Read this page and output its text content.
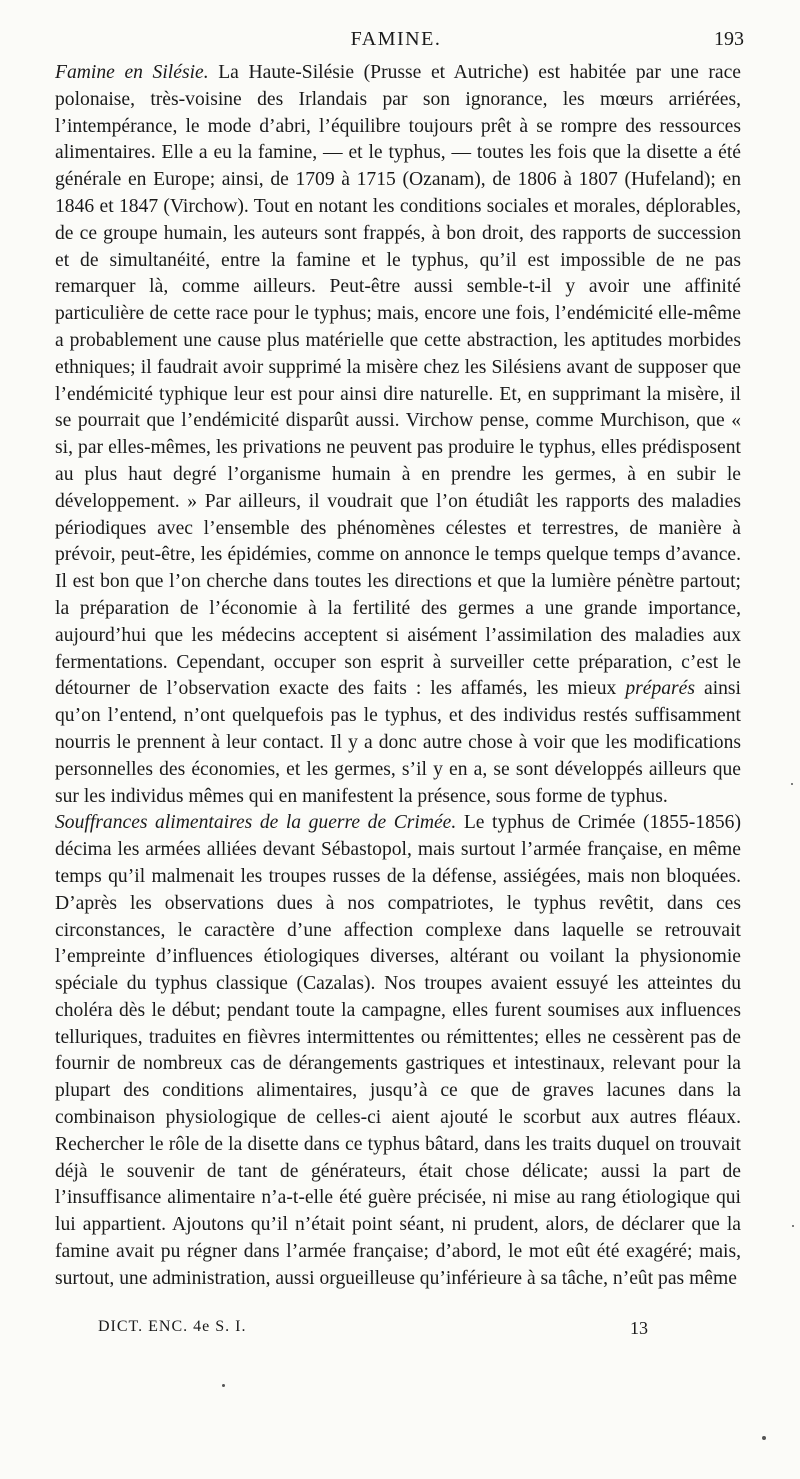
FAMINE.	193

Famine en Silésie. La Haute-Silésie (Prusse et Autriche) est habitée par une race polonaise, très-voisine des Irlandais par son ignorance, les mœurs arriérées, l’intempérance, le mode d’abri, l’équilibre toujours prêt à se rompre des ressources alimentaires. Elle a eu la famine, — et le typhus, — toutes les fois que la disette a été générale en Europe; ainsi, de 1709 à 1715 (Ozanam), de 1806 à 1807 (Hufeland); en 1846 et 1847 (Virchow). Tout en notant les conditions sociales et morales, déplorables, de ce groupe humain, les auteurs sont frappés, à bon droit, des rapports de succession et de simultanéité, entre la famine et le typhus, qu’il est impossible de ne pas remarquer là, comme ailleurs. Peut-être aussi semble-t-il y avoir une affinité particulière de cette race pour le typhus; mais, encore une fois, l’endémicité elle-même a probablement une cause plus matérielle que cette abstraction, les aptitudes morbides ethniques; il faudrait avoir supprimé la misère chez les Silésiens avant de supposer que l’endémicité typhique leur est pour ainsi dire naturelle. Et, en supprimant la misère, il se pourrait que l’endémicité disparût aussi. Virchow pense, comme Murchison, que « si, par elles-mêmes, les privations ne peuvent pas produire le typhus, elles prédisposent au plus haut degré l’organisme humain à en prendre les germes, à en subir le développement. » Par ailleurs, il voudrait que l’on étudiât les rapports des maladies périodiques avec l’ensemble des phénomènes célestes et terrestres, de manière à prévoir, peut-être, les épidémies, comme on annonce le temps quelque temps d’avance. Il est bon que l’on cherche dans toutes les directions et que la lumière pénètre partout; la préparation de l’économie à la fertilité des germes a une grande importance, aujourd’hui que les médecins acceptent si aisément l’assimilation des maladies aux fermentations. Cependant, occuper son esprit à surveiller cette préparation, c’est le détourner de l’observation exacte des faits : les affamés, les mieux préparés ainsi qu’on l’entend, n’ont quelquefois pas le typhus, et des individus restés suffisamment nourris le prennent à leur contact. Il y a donc autre chose à voir que les modifications personnelles des économies, et les germes, s’il y en a, se sont développés ailleurs que sur les individus mêmes qui en manifestent la présence, sous forme de typhus.

Souffrances alimentaires de la guerre de Crimée. Le typhus de Crimée (1855-1856) décima les armées alliées devant Sébastopol, mais surtout l’armée française, en même temps qu’il malmenait les troupes russes de la défense, assiégées, mais non bloquées. D’après les observations dues à nos compatriotes, le typhus revêtit, dans ces circonstances, le caractère d’une affection complexe dans laquelle se retrouvait l’empreinte d’influences étiologiques diverses, altérant ou voilant la physionomie spéciale du typhus classique (Cazalas). Nos troupes avaient essuyé les atteintes du choléra dès le début; pendant toute la campagne, elles furent soumises aux influences telluriques, traduites en fièvres intermittentes ou rémittentes; elles ne cessèrent pas de fournir de nombreux cas de dérangements gastriques et intestinaux, relevant pour la plupart des conditions alimentaires, jusqu’à ce que de graves lacunes dans la combinaison physiologique de celles-ci aient ajouté le scorbut aux autres fléaux. Rechercher le rôle de la disette dans ce typhus bâtard, dans les traits duquel on trouvait déjà le souvenir de tant de générateurs, était chose délicate; aussi la part de l’insuffisance alimentaire n’a-t-elle été guère précisée, ni mise au rang étiologique qui lui appartient. Ajoutons qu’il n’était point séant, ni prudent, alors, de déclarer que la famine avait pu régner dans l’armée française; d’abord, le mot eût été exagéré; mais, surtout, une administration, aussi orgueilleuse qu’inférieure à sa tâche, n’eût pas même

DICT. ENC. 4e S. I.	13
